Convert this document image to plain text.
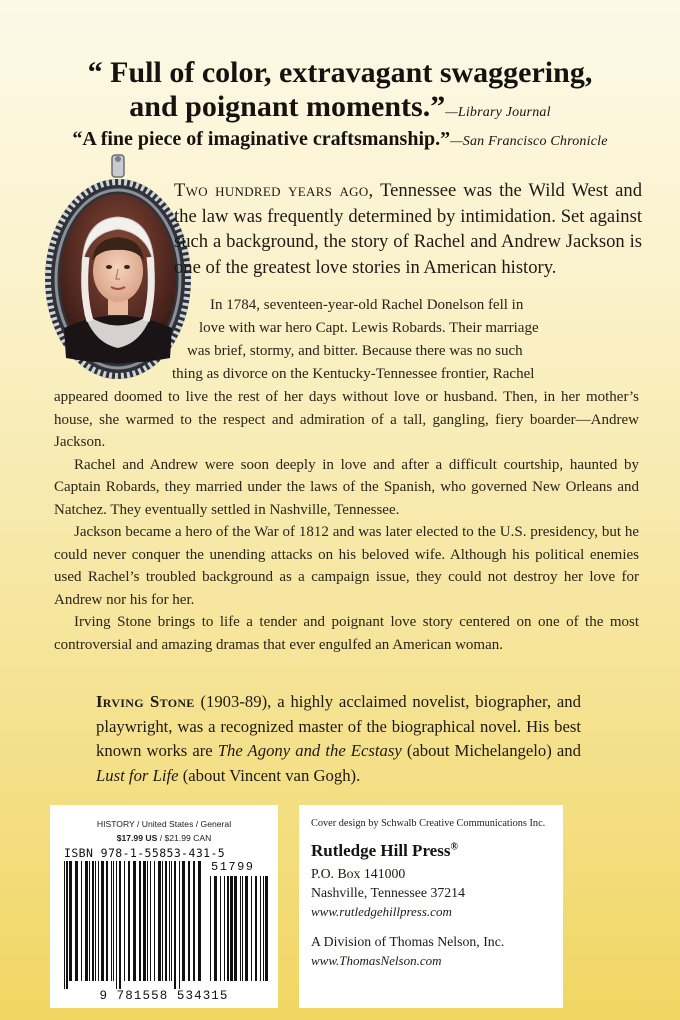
“ Full of color, extravagant swaggering,
and poignant moments.”—Library Journal
“A fine piece of imaginative craftsmanship.”—San Francisco Chronicle
Two hundred years ago, Tennessee was the Wild West and the law was frequently determined by intimidation. Set against such a background, the story of Rachel and Andrew Jackson is one of the greatest love stories in American history.
In 1784, seventeen-year-old Rachel Donelson fell in
love with war hero Capt. Lewis Robards. Their marriage
was brief, stormy, and bitter. Because there was no such
thing as divorce on the Kentucky-Tennessee frontier, Rachel

appeared doomed to live the rest of her days without love or husband. Then, in her mother’s house, she warmed to the respect and admiration of a tall, gangling, fiery boarder—Andrew Jackson.

Rachel and Andrew were soon deeply in love and after a difficult courtship, haunted by Captain Robards, they married under the laws of the Spanish, who governed New Orleans and Natchez. They eventually settled in Nashville, Tennessee.

Jackson became a hero of the War of 1812 and was later elected to the U.S. presidency, but he could never conquer the unending attacks on his beloved wife. Although his political enemies used Rachel’s troubled background as a campaign issue, they could not destroy her love for Andrew nor his for her.

Irving Stone brings to life a tender and poignant love story centered on one of the most controversial and amazing dramas that ever engulfed an American woman.

Irving Stone (1903-89), a highly acclaimed novelist, biographer, and playwright, was a recognized master of the biographical novel. His best known works are The Agony and the Ecstasy (about Michelangelo) and Lust for Life (about Vincent van Gogh).
HISTORY / United States / General
$17.99 US / $21.99 CAN
ISBN 978-1-55853-431-5
51799
9 781558 534315
Cover design by Schwalb Creative Communications Inc.
Rutledge Hill Press®
P.O. Box 141000
Nashville, Tennessee 37214
www.rutledgehillpress.com
A Division of Thomas Nelson, Inc.
www.ThomasNelson.com
